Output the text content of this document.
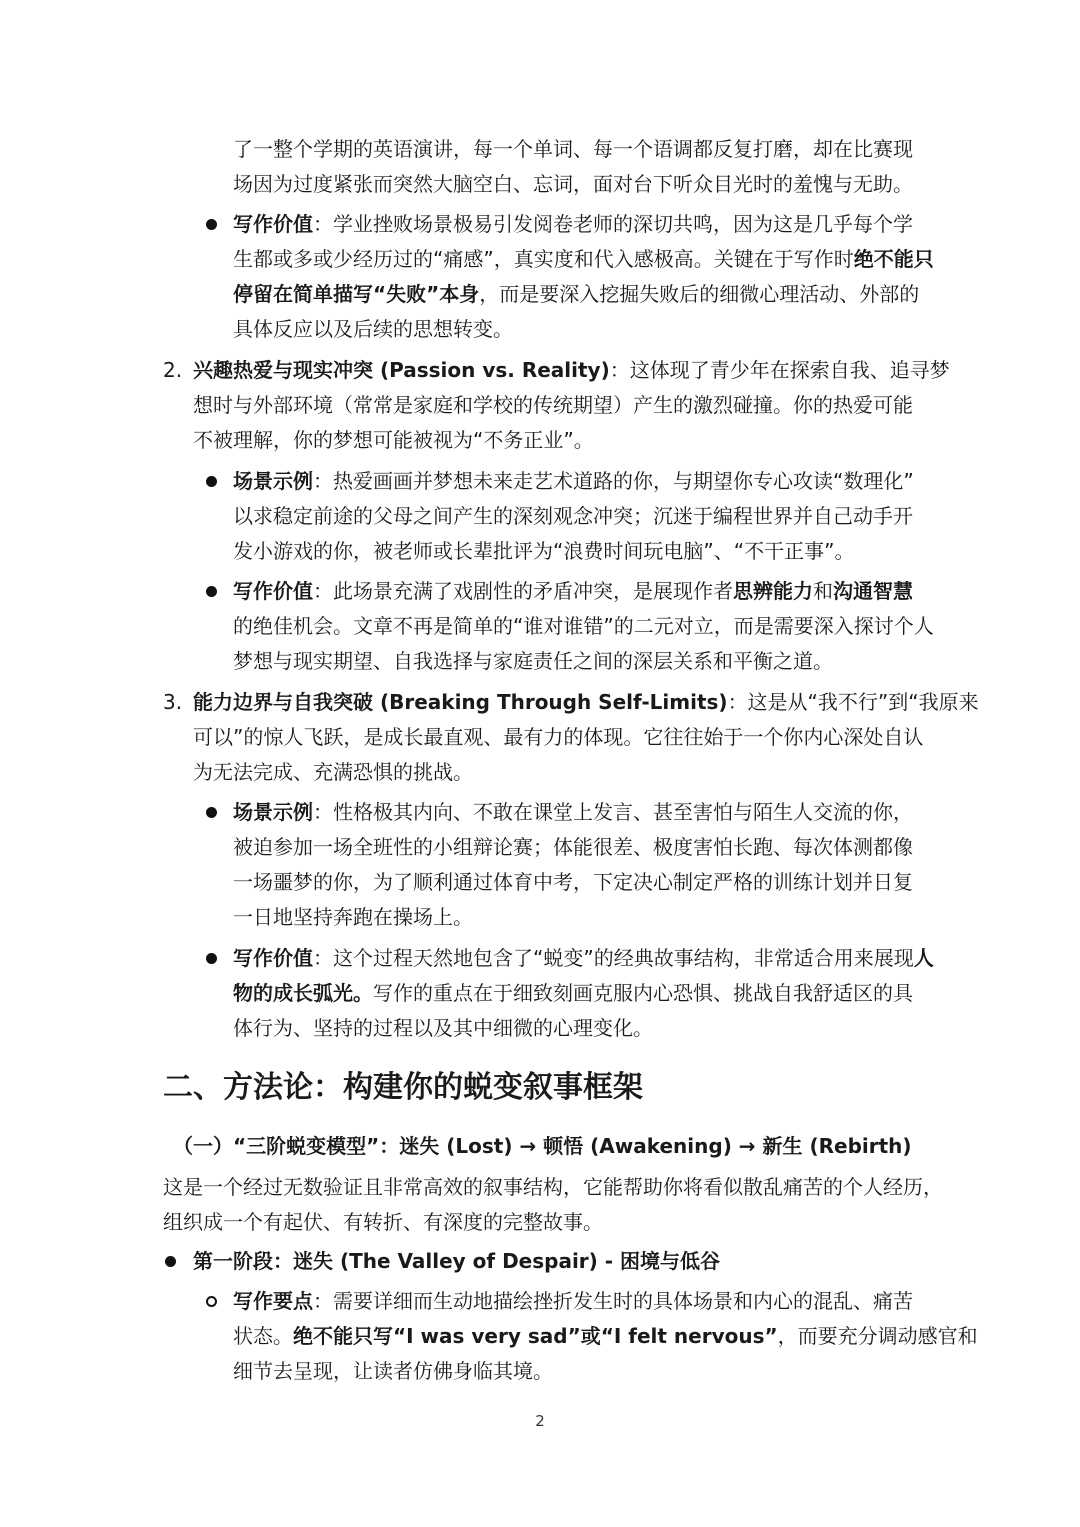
了一整个学期的英语演讲，每一个单词、每一个语调都反复打磨，却在比赛现
场因为过度紧张而突然大脑空白、忘词，面对台下听众目光时的羞愧与无助。

写作价值：学业挫败场景极易引发阅卷老师的深切共鸣，因为这是几乎每个学
生都或多或少经历过的“痛感”，真实度和代入感极高。关键在于写作时绝不能只
停留在简单描写“失败”本身，而是要深入挖掘失败后的细微心理活动、外部的
具体反应以及后续的思想转变。

2. 兴趣热爱与现实冲突 (Passion vs. Reality)：这体现了青少年在探索自我、追寻梦
想时与外部环境（常常是家庭和学校的传统期望）产生的激烈碰撞。你的热爱可能
不被理解，你的梦想可能被视为“不务正业”。

场景示例：热爱画画并梦想未来走艺术道路的你，与期望你专心攻读“数理化”
以求稳定前途的父母之间产生的深刻观念冲突；沉迷于编程世界并自己动手开
发小游戏的你，被老师或长辈批评为“浪费时间玩电脑”、“不干正事”。

写作价值：此场景充满了戏剧性的矛盾冲突，是展现作者思辨能力和沟通智慧
的绝佳机会。文章不再是简单的“谁对谁错”的二元对立，而是需要深入探讨个人
梦想与现实期望、自我选择与家庭责任之间的深层关系和平衡之道。

3. 能力边界与自我突破 (Breaking Through Self-Limits)：这是从“我不行”到“我原来
可以”的惊人飞跃，是成长最直观、最有力的体现。它往往始于一个你内心深处自认
为无法完成、充满恐惧的挑战。

场景示例：性格极其内向、不敢在课堂上发言、甚至害怕与陌生人交流的你，
被迫参加一场全班性的小组辩论赛；体能很差、极度害怕长跑、每次体测都像
一场噩梦的你，为了顺利通过体育中考，下定决心制定严格的训练计划并日复
一日地坚持奔跑在操场上。

写作价值：这个过程天然地包含了“蜕变”的经典故事结构，非常适合用来展现人
物的成长弧光。写作的重点在于细致刻画克服内心恐惧、挑战自我舒适区的具
体行为、坚持的过程以及其中细微的心理变化。

二、方法论：构建你的蜕变叙事框架

（一）“三阶蜕变模型”：迷失 (Lost) → 顿悟 (Awakening) → 新生 (Rebirth)

这是一个经过无数验证且非常高效的叙事结构，它能帮助你将看似散乱痛苦的个人经历，
组织成一个有起伏、有转折、有深度的完整故事。

第一阶段：迷失 (The Valley of Despair) - 困境与低谷

写作要点：需要详细而生动地描绘挫折发生时的具体场景和内心的混乱、痛苦
状态。绝不能只写“I was very sad”或“I felt nervous”，而要充分调动感官和
细节去呈现，让读者仿佛身临其境。

2
